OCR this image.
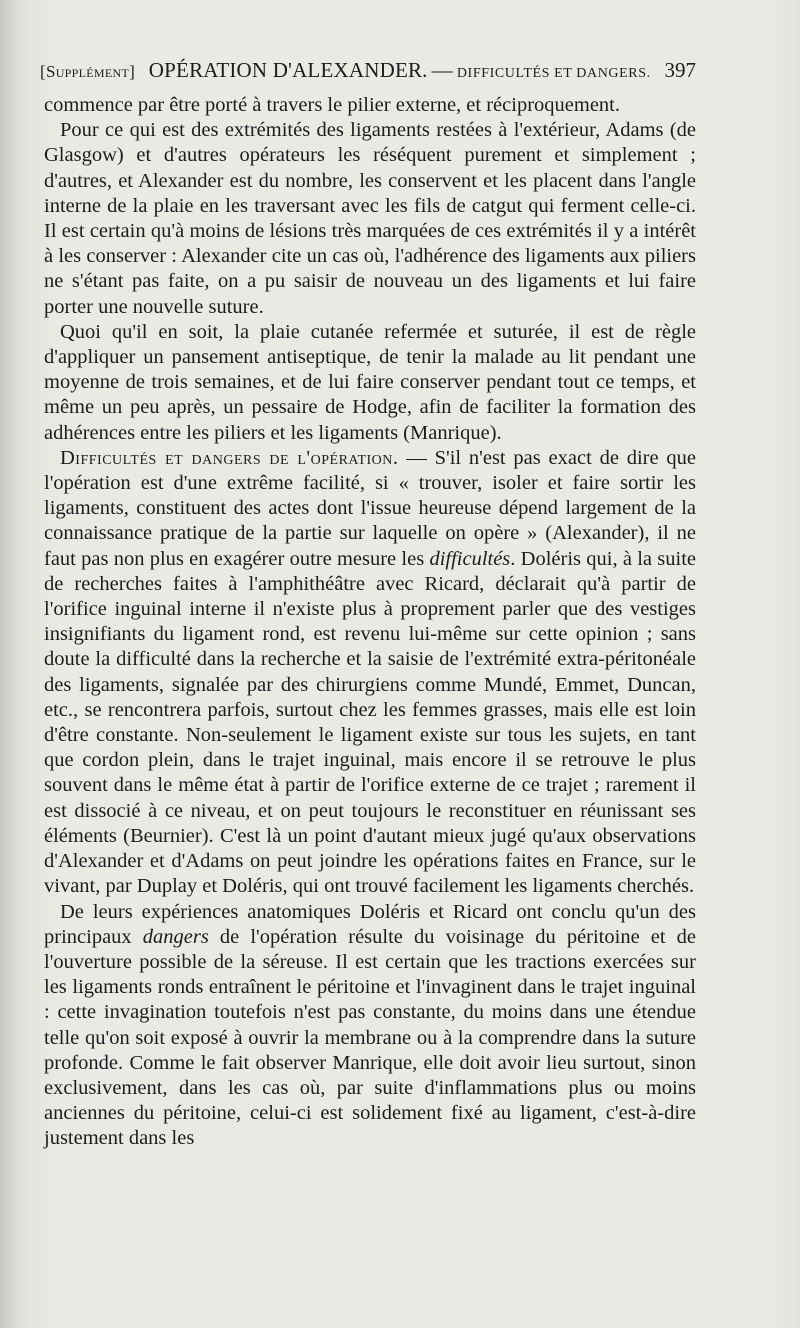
[Supplément] OPÉRATION D'ALEXANDER. — DIFFICULTÉS ET DANGERS. 397

commence par être porté à travers le pilier externe, et réciproquement.

Pour ce qui est des extrémités des ligaments restées à l'extérieur, Adams (de Glasgow) et d'autres opérateurs les réséquent purement et simplement ; d'autres, et Alexander est du nombre, les conservent et les placent dans l'angle interne de la plaie en les traversant avec les fils de catgut qui ferment celle-ci. Il est certain qu'à moins de lésions très marquées de ces extrémités il y a intérêt à les conserver : Alexander cite un cas où, l'adhérence des ligaments aux piliers ne s'étant pas faite, on a pu saisir de nouveau un des ligaments et lui faire porter une nouvelle suture.

Quoi qu'il en soit, la plaie cutanée refermée et suturée, il est de règle d'appliquer un pansement antiseptique, de tenir la malade au lit pendant une moyenne de trois semaines, et de lui faire conserver pendant tout ce temps, et même un peu après, un pessaire de Hodge, afin de faciliter la formation des adhérences entre les piliers et les ligaments (Manrique).

Difficultés et dangers de l'opération. — S'il n'est pas exact de dire que l'opération est d'une extrême facilité, si « trouver, isoler et faire sortir les ligaments, constituent des actes dont l'issue heureuse dépend largement de la connaissance pratique de la partie sur laquelle on opère » (Alexander), il ne faut pas non plus en exagérer outre mesure les difficultés. Doléris qui, à la suite de recherches faites à l'amphithéâtre avec Ricard, déclarait qu'à partir de l'orifice inguinal interne il n'existe plus à proprement parler que des vestiges insignifiants du ligament rond, est revenu lui-même sur cette opinion ; sans doute la difficulté dans la recherche et la saisie de l'extrémité extra-péritonéale des ligaments, signalée par des chirurgiens comme Mundé, Emmet, Duncan, etc., se rencontrera parfois, surtout chez les femmes grasses, mais elle est loin d'être constante. Non-seulement le ligament existe sur tous les sujets, en tant que cordon plein, dans le trajet inguinal, mais encore il se retrouve le plus souvent dans le même état à partir de l'orifice externe de ce trajet ; rarement il est dissocié à ce niveau, et on peut toujours le reconstituer en réunissant ses éléments (Beurnier). C'est là un point d'autant mieux jugé qu'aux observations d'Alexander et d'Adams on peut joindre les opérations faites en France, sur le vivant, par Duplay et Doléris, qui ont trouvé facilement les ligaments cherchés.

De leurs expériences anatomiques Doléris et Ricard ont conclu qu'un des principaux dangers de l'opération résulte du voisinage du péritoine et de l'ouverture possible de la séreuse. Il est certain que les tractions exercées sur les ligaments ronds entraînent le péritoine et l'invaginent dans le trajet inguinal : cette invagination toutefois n'est pas constante, du moins dans une étendue telle qu'on soit exposé à ouvrir la membrane ou à la comprendre dans la suture profonde. Comme le fait observer Manrique, elle doit avoir lieu surtout, sinon exclusivement, dans les cas où, par suite d'inflammations plus ou moins anciennes du péritoine, celui-ci est solidement fixé au ligament, c'est-à-dire justement dans les
